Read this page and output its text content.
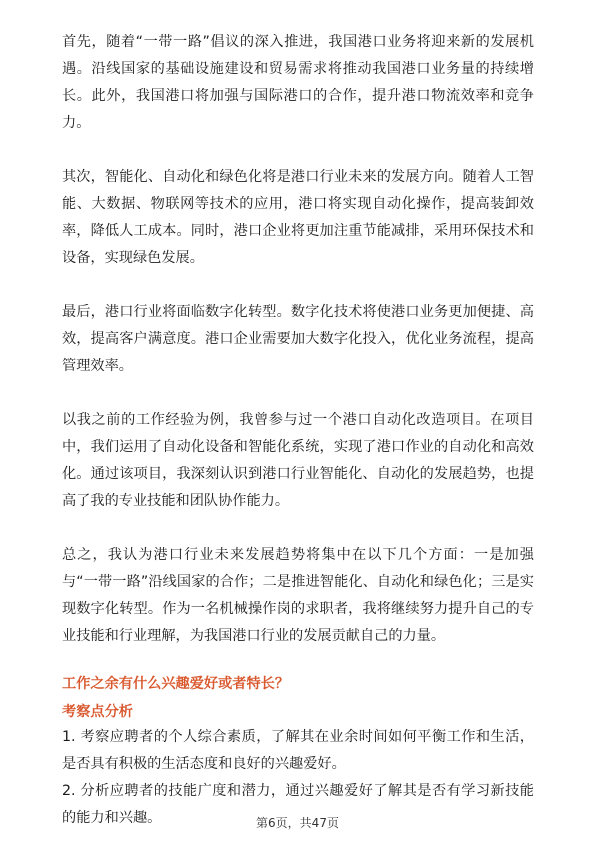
首先，随着“一带一路”倡议的深入推进，我国港口业务将迎来新的发展机遇。沿线国家的基础设施建设和贸易需求将推动我国港口业务量的持续增长。此外，我国港口将加强与国际港口的合作，提升港口物流效率和竞争力。

其次，智能化、自动化和绿色化将是港口行业未来的发展方向。随着人工智能、大数据、物联网等技术的应用，港口将实现自动化操作，提高装卸效率，降低人工成本。同时，港口企业将更加注重节能减排，采用环保技术和设备，实现绿色发展。

最后，港口行业将面临数字化转型。数字化技术将使港口业务更加便捷、高效，提高客户满意度。港口企业需要加大数字化投入，优化业务流程，提高管理效率。

以我之前的工作经验为例，我曾参与过一个港口自动化改造项目。在项目中，我们运用了自动化设备和智能化系统，实现了港口作业的自动化和高效化。通过该项目，我深刻认识到港口行业智能化、自动化的发展趋势，也提高了我的专业技能和团队协作能力。

总之，我认为港口行业未来发展趋势将集中在以下几个方面：一是加强与“一带一路”沿线国家的合作；二是推进智能化、自动化和绿色化；三是实现数字化转型。作为一名机械操作岗的求职者，我将继续努力提升自己的专业技能和行业理解，为我国港口行业的发展贡献自己的力量。

工作之余有什么兴趣爱好或者特长？
考察点分析

1. 考察应聘者的个人综合素质，了解其在业余时间如何平衡工作和生活，是否具有积极的生活态度和良好的兴趣爱好。

2. 分析应聘者的技能广度和潜力，通过兴趣爱好了解其是否有学习新技能的能力和兴趣。	第6页，共47页
